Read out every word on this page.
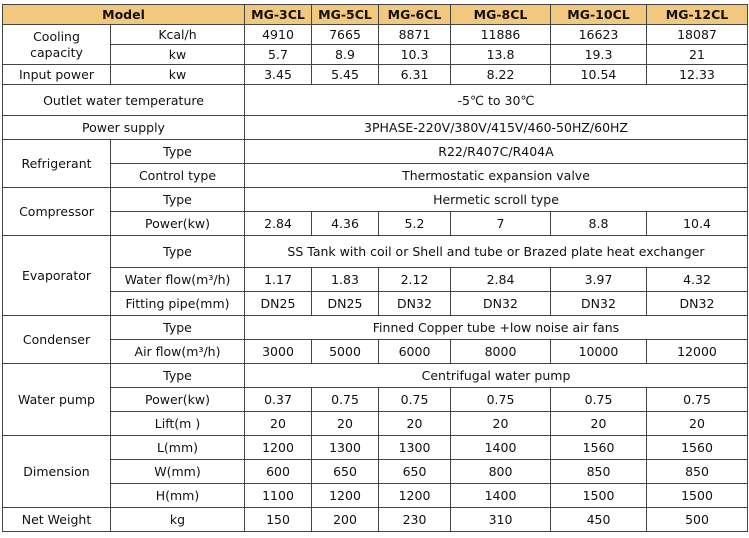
Model		MG-3CL	MG-5CL	MG-6CL	MG-8CL	MG-10CL	MG-12CL
Cooling capacity	Kcal/h	4910	7665	8871	11886	16623	18087
	kw	5.7	8.9	10.3	13.8	19.3	21
Input power	kw	3.45	5.45	6.31	8.22	10.54	12.33
Outlet water temperature		-5℃ to 30℃					
Power supply		3PHASE-220V/380V/415V/460-50HZ/60HZ					
Refrigerant	Type	R22/R407C/R404A					
	Control type	Thermostatic expansion valve					
Compressor	Type	Hermetic scroll type					
	Power(kw)	2.84	4.36	5.2	7	8.8	10.4
Evaporator	Type	SS Tank with coil or Shell and tube or Brazed plate heat exchanger					
	Water flow(m³/h)	1.17	1.83	2.12	2.84	3.97	4.32
	Fitting pipe(mm)	DN25	DN25	DN32	DN32	DN32	DN32
Condenser	Type	Finned Copper tube +low noise air fans					
	Air flow(m³/h)	3000	5000	6000	8000	10000	12000
Water pump	Type	Centrifugal water pump					
	Power(kw)	0.37	0.75	0.75	0.75	0.75	0.75
	Lift(m )	20	20	20	20	20	20
Dimension	L(mm)	1200	1300	1300	1400	1560	1560
	W(mm)	600	650	650	800	850	850
	H(mm)	1100	1200	1200	1400	1500	1500
Net Weight	kg	150	200	230	310	450	500
